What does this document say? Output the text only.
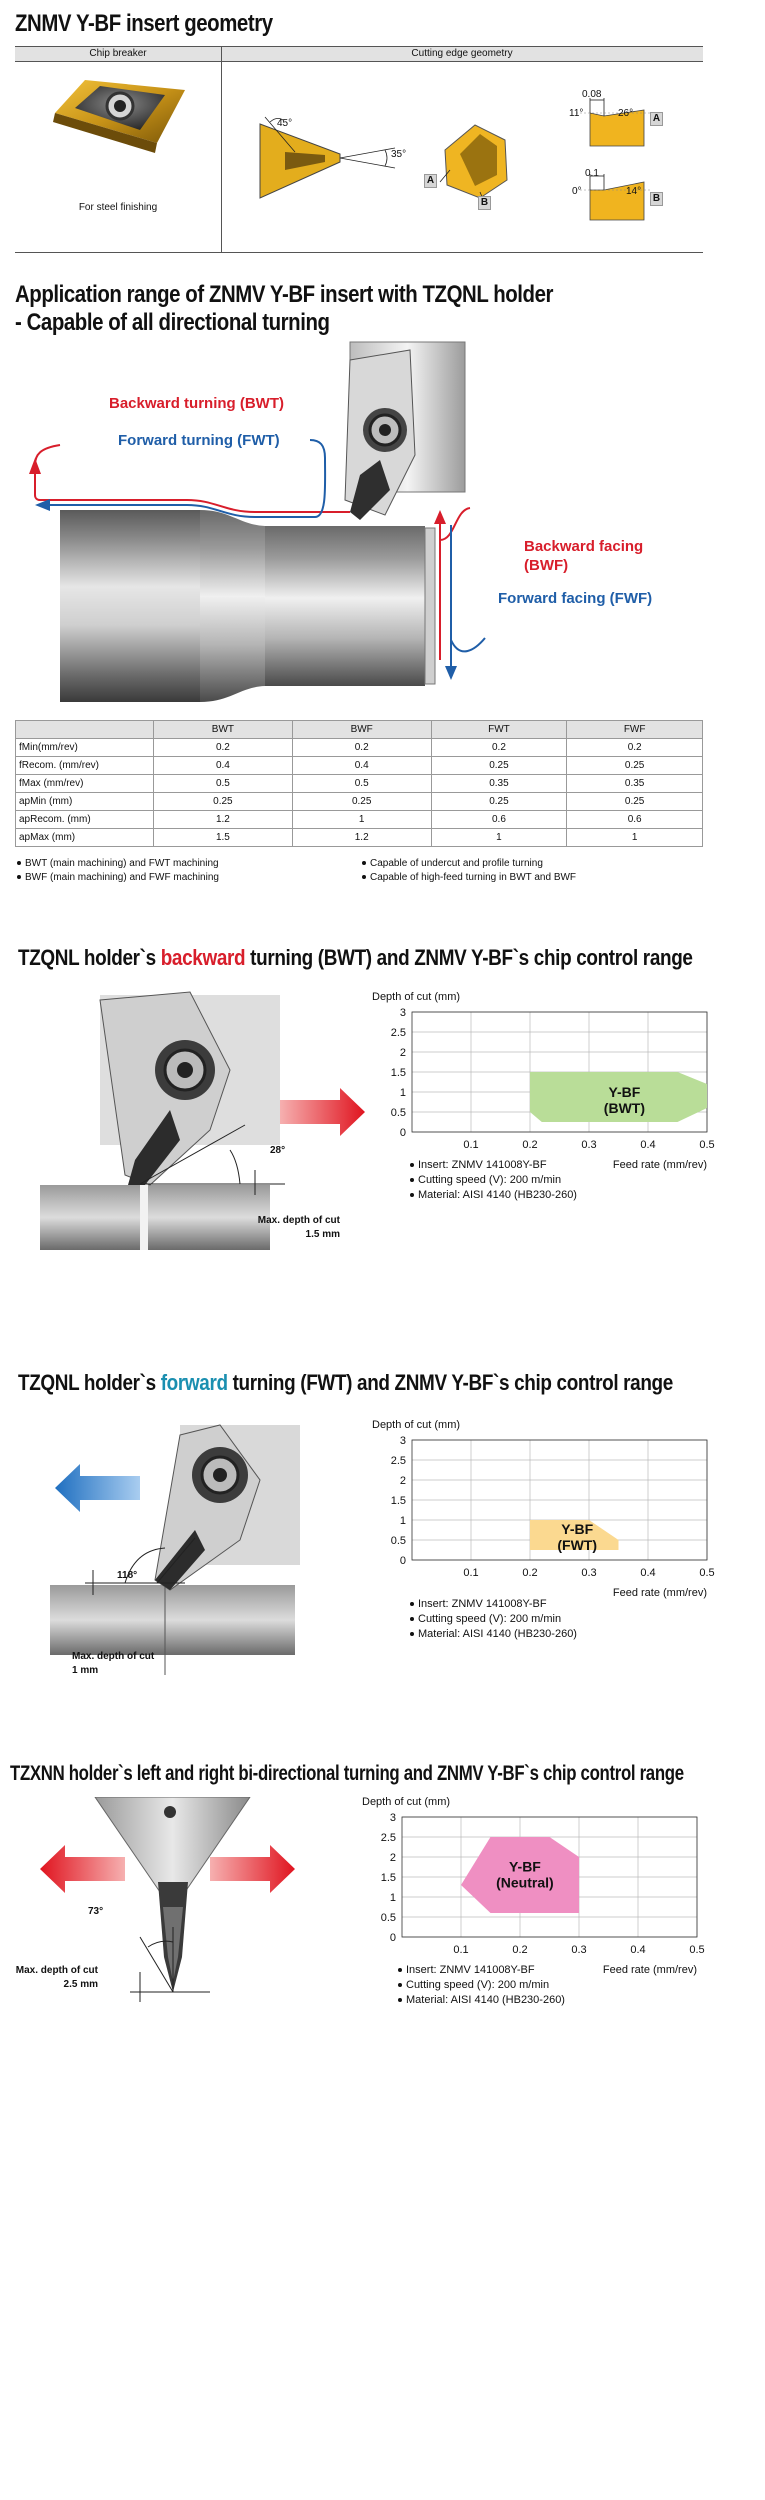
ZNMV Y-BF insert geometry
Chip breaker	Cutting edge geometry
For steel finishing
45°
35°
A
B
0.08
11°	26° A
0.1
0°	14°
B
Application range of ZNMV Y-BF insert with TZQNL holder
- Capable of all directional turning
Backward turning (BWT)
Forward turning (FWT)
Backward facing
(BWF)
Forward facing (FWF)
	BWT	BWF	FWT	FWF
fMin(mm/rev)	0.2	0.2	0.2	0.2
fRecom. (mm/rev)	0.4	0.4	0.25	0.25
fMax (mm/rev)	0.5	0.5	0.35	0.35
apMin (mm)	0.25	0.25	0.25	0.25
apRecom. (mm)	1.2	1	0.6	0.6
apMax (mm)	1.5	1.2	1	1
BWT (main machining) and FWT machining	Capable of undercut and profile turning
BWF (main machining) and FWF machining	Capable of high-feed turning in BWT and BWF
TZQNL holder`s backward turning (BWT) and ZNMV Y-BF`s chip control range
28°
Max. depth of cut
1.5 mm
Depth of cut (mm)
0
0.5
1
1.5
2
2.5
3
0.1	0.2	0.3	0.4	0.5
Y-BF
(BWT)
Feed rate (mm/rev)
Insert: ZNMV 141008Y-BF
Cutting speed (V): 200 m/min
Material: AISI 4140 (HB230-260)
TZQNL holder`s forward turning (FWT) and ZNMV Y-BF`s chip control range
118°
Max. depth of cut
1 mm
Depth of cut (mm)
0
0.5
1
1.5
2
2.5
3
0.1	0.2	0.3	0.4	0.5
Y-BF
(FWT)
Feed rate (mm/rev)
Insert: ZNMV 141008Y-BF
Cutting speed (V): 200 m/min
Material: AISI 4140 (HB230-260)
TZXNN holder`s left and right bi-directional turning and ZNMV Y-BF`s chip control range
73°
Max. depth of cut
2.5 mm
Depth of cut (mm)
0
0.5
1
1.5
2
2.5
3
0.1	0.2	0.3	0.4	0.5
Y-BF
(Neutral)
Feed rate (mm/rev)
Insert: ZNMV 141008Y-BF
Cutting speed (V): 200 m/min
Material: AISI 4140 (HB230-260)
